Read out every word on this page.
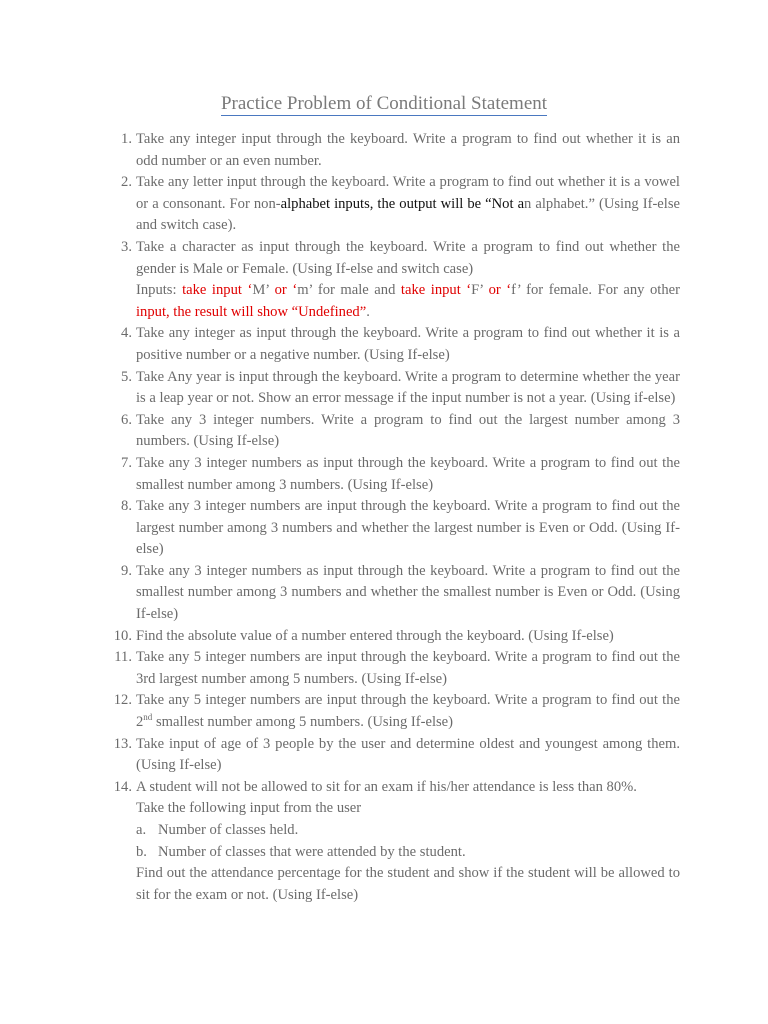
Practice Problem of Conditional Statement
1. Take any integer input through the keyboard. Write a program to find out whether it is an odd number or an even number.
2. Take any letter input through the keyboard. Write a program to find out whether it is a vowel or a consonant. For non-alphabet inputs, the output will be “Not an alphabet.” (Using If-else and switch case).
3. Take a character as input through the keyboard. Write a program to find out whether the gender is Male or Female. (Using If-else and switch case)
Inputs: take input ‘M’ or ‘m’ for male and take input ‘F’ or ‘f’ for female. For any other input, the result will show “Undefined”.
4. Take any integer as input through the keyboard. Write a program to find out whether it is a positive number or a negative number. (Using If-else)
5. Take Any year is input through the keyboard. Write a program to determine whether the year is a leap year or not. Show an error message if the input number is not a year. (Using if-else)
6. Take any 3 integer numbers. Write a program to find out the largest number among 3 numbers. (Using If-else)
7. Take any 3 integer numbers as input through the keyboard. Write a program to find out the smallest number among 3 numbers. (Using If-else)
8. Take any 3 integer numbers are input through the keyboard. Write a program to find out the largest number among 3 numbers and whether the largest number is Even or Odd. (Using If-else)
9. Take any 3 integer numbers as input through the keyboard. Write a program to find out the smallest number among 3 numbers and whether the smallest number is Even or Odd. (Using If-else)
10. Find the absolute value of a number entered through the keyboard. (Using If-else)
11. Take any 5 integer numbers are input through the keyboard. Write a program to find out the 3rd largest number among 5 numbers. (Using If-else)
12. Take any 5 integer numbers are input through the keyboard. Write a program to find out the 2nd smallest number among 5 numbers. (Using If-else)
13. Take input of age of 3 people by the user and determine oldest and youngest among them. (Using If-else)
14. A student will not be allowed to sit for an exam if his/her attendance is less than 80%.
Take the following input from the user
a. Number of classes held.
b. Number of classes that were attended by the student.
Find out the attendance percentage for the student and show if the student will be allowed to sit for the exam or not. (Using If-else)
